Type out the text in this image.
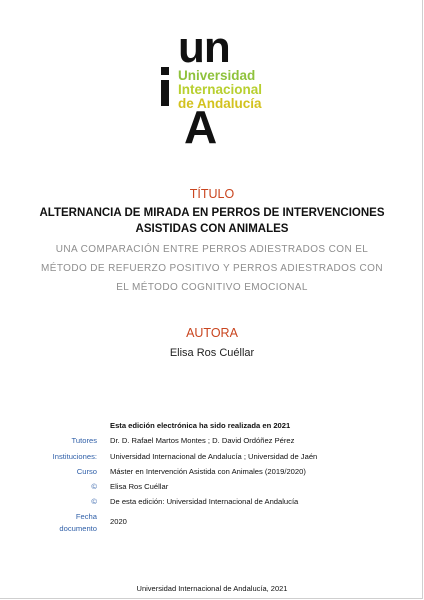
un
Universidad
Internacional
de Andalucía
A
TÍTULO
ALTERNANCIA DE MIRADA EN PERROS DE INTERVENCIONES
ASISTIDAS CON ANIMALES
UNA COMPARACIÓN ENTRE PERROS ADIESTRADOS CON EL
MÉTODO DE REFUERZO POSITIVO Y PERROS ADIESTRADOS CON
EL MÉTODO COGNITIVO EMOCIONAL
AUTORA
Elisa Ros Cuéllar
Esta edición electrónica ha sido realizada en 2021
Tutores Dr. D. Rafael Martos Montes ; D. David Ordóñez Pérez
Instituciones: Universidad Internacional de Andalucía ; Universidad de Jaén
Curso Máster en Intervención Asistida con Animales (2019/2020)
© Elisa Ros Cuéllar
© De esta edición: Universidad Internacional de Andalucía
Fecha
2020
documento
Universidad Internacional de Andalucía, 2021
